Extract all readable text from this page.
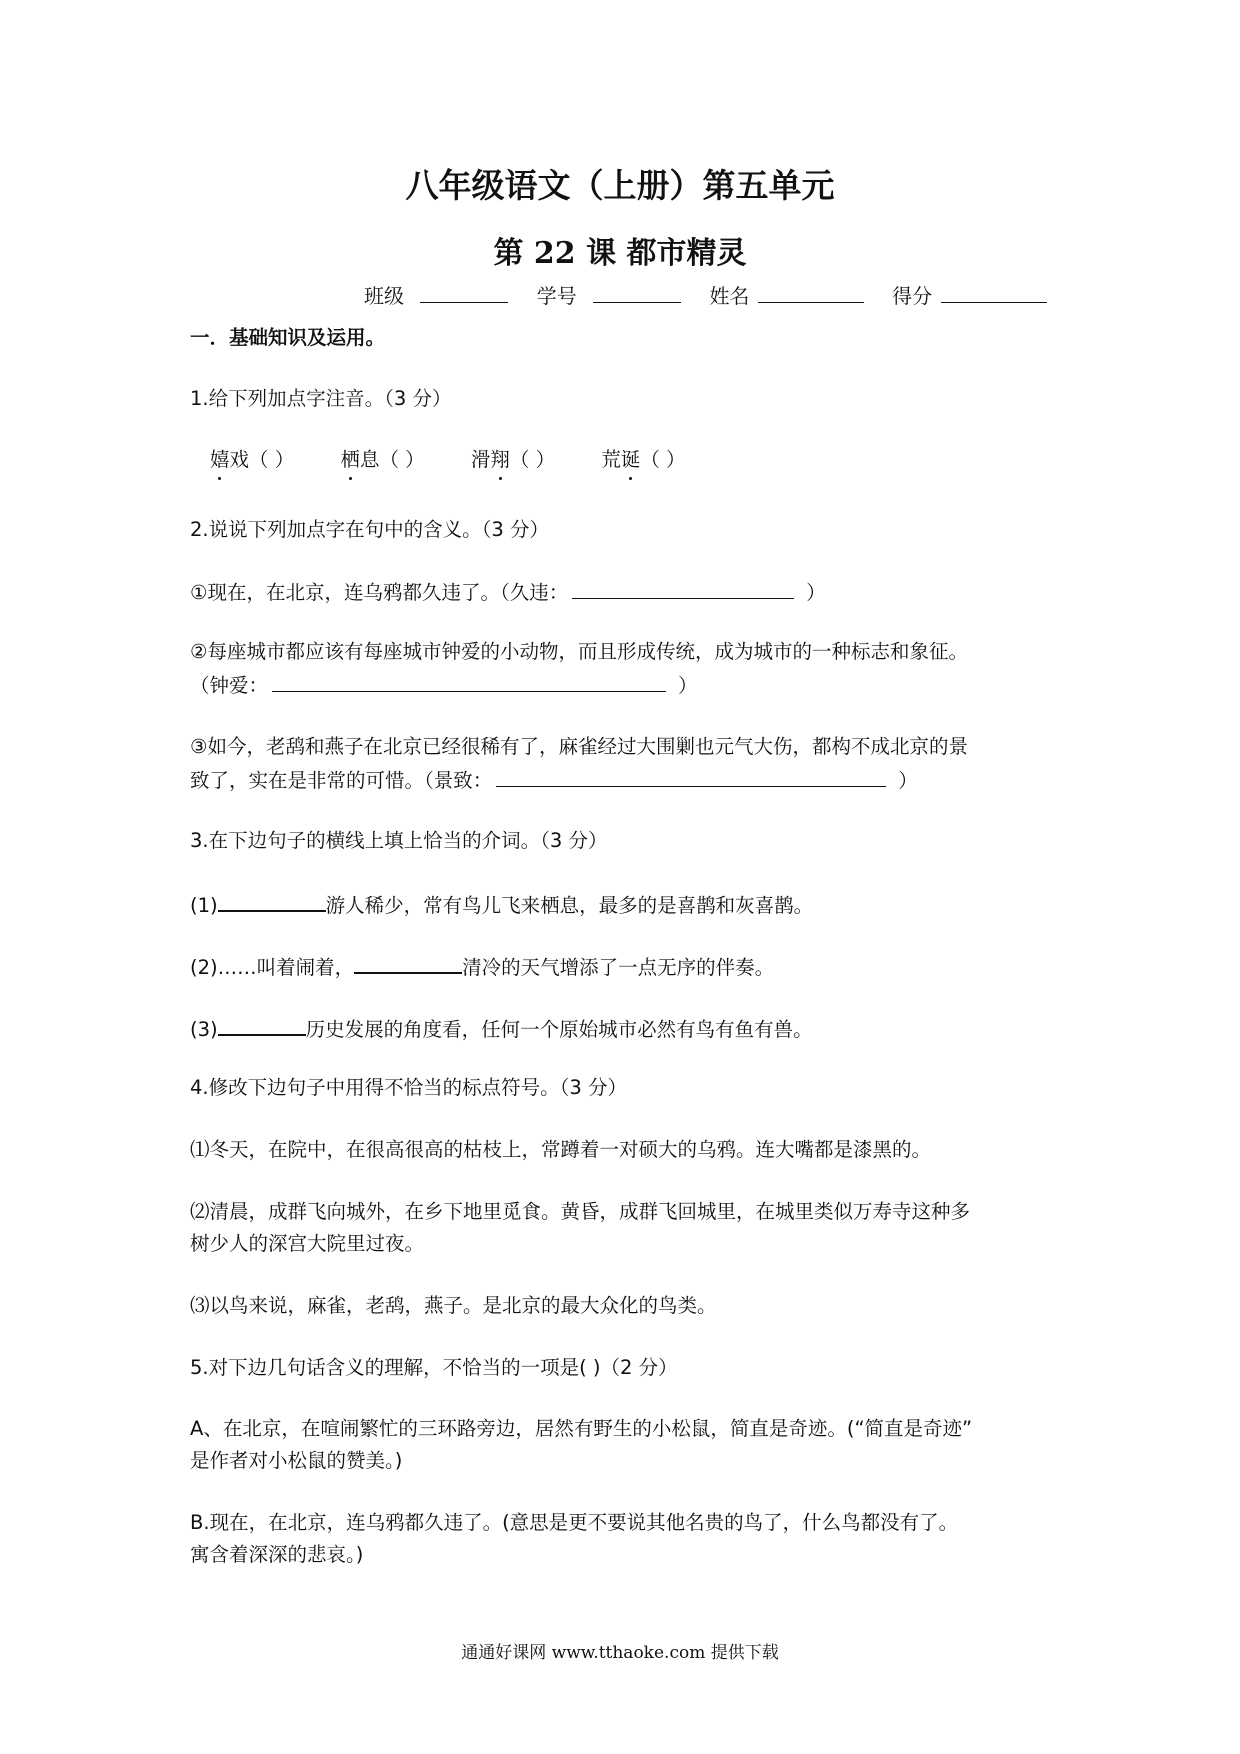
八年级语文（上册）第五单元
第 22 课 都市精灵
班级	学号	姓名	得分
一．基础知识及运用。
1.给下列加点字注音。（3 分）
嬉戏（ ） 栖息（ ） 滑翔（ ） 荒诞（ ）
2.说说下列加点字在句中的含义。（3 分）
①现在，在北京，连乌鸦都久违了。（久违：	）
②每座城市都应该有每座城市钟爱的小动物，而且形成传统，成为城市的一种标志和象征。
（钟爱：	）
③如今，老鸹和燕子在北京已经很稀有了，麻雀经过大围剿也元气大伤，都构不成北京的景
致了，实在是非常的可惜。（景致：	）
3.在下边句子的横线上填上恰当的介词。（3 分）
(1)	游人稀少，常有鸟儿飞来栖息，最多的是喜鹊和灰喜鹊。
(2)……叫着闹着，	清冷的天气增添了一点无序的伴奏。
(3)	历史发展的角度看，任何一个原始城市必然有鸟有鱼有兽。
4.修改下边句子中用得不恰当的标点符号。（3 分）
⑴冬天，在院中，在很高很高的枯枝上，常蹲着一对硕大的乌鸦。连大嘴都是漆黑的。
⑵清晨，成群飞向城外，在乡下地里觅食。黄昏，成群飞回城里，在城里类似万寿寺这种多
树少人的深宫大院里过夜。
⑶以鸟来说，麻雀，老鸹，燕子。是北京的最大众化的鸟类。
5.对下边几句话含义的理解，不恰当的一项是( )（2 分）
A、在北京，在喧闹繁忙的三环路旁边，居然有野生的小松鼠，简直是奇迹。(“简直是奇迹”
是作者对小松鼠的赞美。)
B.现在，在北京，连乌鸦都久违了。(意思是更不要说其他名贵的鸟了，什么鸟都没有了。
寓含着深深的悲哀。)
通通好课网 www.tthaoke.com 提供下载
